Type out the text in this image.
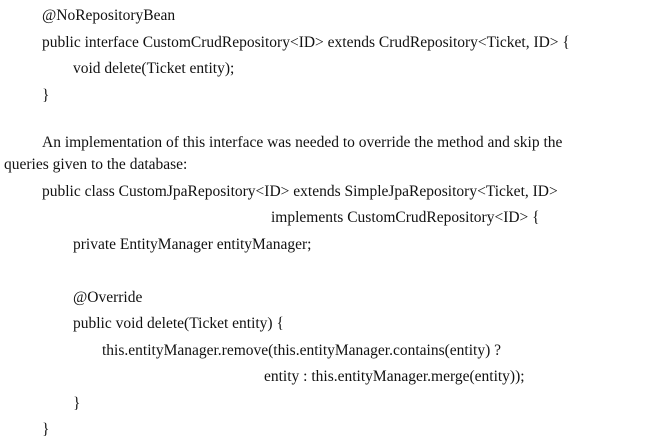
@NoRepositoryBean
public interface CustomCrudRepository<ID> extends CrudRepository<Ticket, ID> {
void delete(Ticket entity);
}
An implementation of this interface was needed to override the method and skip the
queries given to the database:
public class CustomJpaRepository<ID> extends SimpleJpaRepository<Ticket, ID>
implements CustomCrudRepository<ID> {
private EntityManager entityManager;
@Override
public void delete(Ticket entity) {
this.entityManager.remove(this.entityManager.contains(entity) ?
entity : this.entityManager.merge(entity));
}
}
